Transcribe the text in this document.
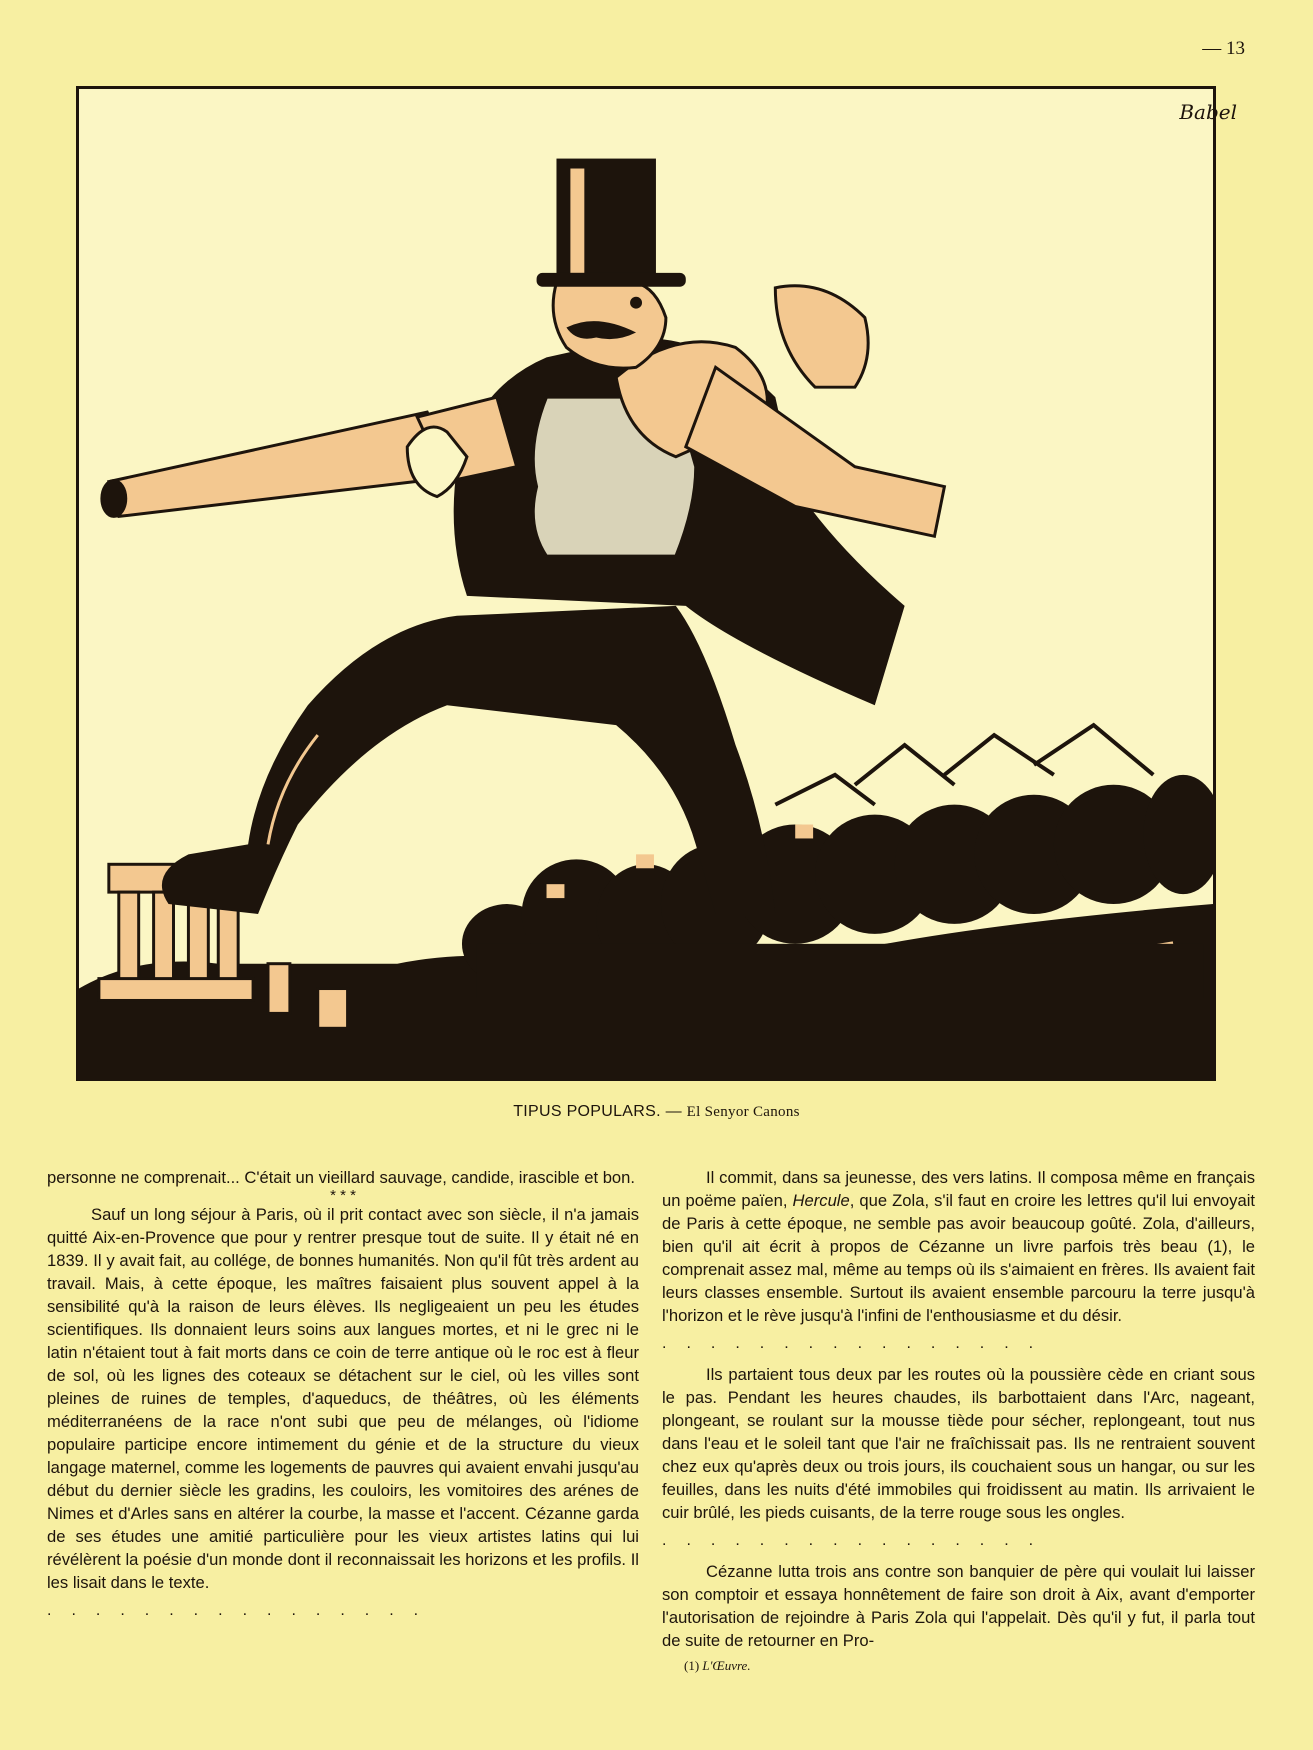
— 13
Babel
TIPUS POPULARS. — El Senyor Canons

personne ne comprenait... C'était un vieillard sauvage, candide, irascible et bon.

* * *

Sauf un long séjour à Paris, où il prit contact avec son siècle, il n'a jamais quitté Aix-en-Provence que pour y rentrer presque tout de suite. Il y était né en 1839. Il y avait fait, au collége, de bonnes humanités. Non qu'il fût très ardent au travail. Mais, à cette époque, les maîtres faisaient plus souvent appel à la sensibilité qu'à la raison de leurs élèves. Ils negligeaient un peu les études scientifiques. Ils donnaient leurs soins aux langues mortes, et ni le grec ni le latin n'étaient tout à fait morts dans ce coin de terre antique où le roc est à fleur de sol, où les lignes des coteaux se détachent sur le ciel, où les villes sont pleines de ruines de temples, d'aqueducs, de théâtres, où les éléments méditerranéens de la race n'ont subi que peu de mélanges, où l'idiome populaire participe encore intimement du génie et de la structure du vieux langage maternel, comme les logements de pauvres qui avaient envahi jusqu'au début du dernier siècle les gradins, les couloirs, les vomitoires des arénes de Nimes et d'Arles sans en altérer la courbe, la masse et l'accent. Cézanne garda de ses études une amitié particulière pour les vieux artistes latins qui lui révélèrent la poésie d'un monde dont il reconnaissait les horizons et les profils. Il les lisait dans le texte.

................

Il commit, dans sa jeunesse, des vers latins. Il composa même en français un poëme païen, Hercule, que Zola, s'il faut en croire les lettres qu'il lui envoyait de Paris à cette époque, ne semble pas avoir beaucoup goûté. Zola, d'ailleurs, bien qu'il ait écrit à propos de Cézanne un livre parfois très beau (1), le comprenait assez mal, même au temps où ils s'aimaient en frères. Ils avaient fait leurs classes ensemble. Surtout ils avaient ensemble parcouru la terre jusqu'à l'horizon et le rève jusqu'à l'infini de l'enthousiasme et du désir.

................

Ils partaient tous deux par les routes où la poussière cède en criant sous le pas. Pendant les heures chaudes, ils barbottaient dans l'Arc, nageant, plongeant, se roulant sur la mousse tiède pour sécher, replongeant, tout nus dans l'eau et le soleil tant que l'air ne fraîchissait pas. Ils ne rentraient souvent chez eux qu'après deux ou trois jours, ils couchaient sous un hangar, ou sur les feuilles, dans les nuits d'été immobiles qui froidissent au matin. Ils arrivaient le cuir brûlé, les pieds cuisants, de la terre rouge sous les ongles.

................

Cézanne lutta trois ans contre son banquier de père qui voulait lui laisser son comptoir et essaya honnêtement de faire son droit à Aix, avant d'emporter l'autorisation de rejoindre à Paris Zola qui l'appelait. Dès qu'il y fut, il parla tout de suite de retourner en Pro-

(1) L'Œuvre.
